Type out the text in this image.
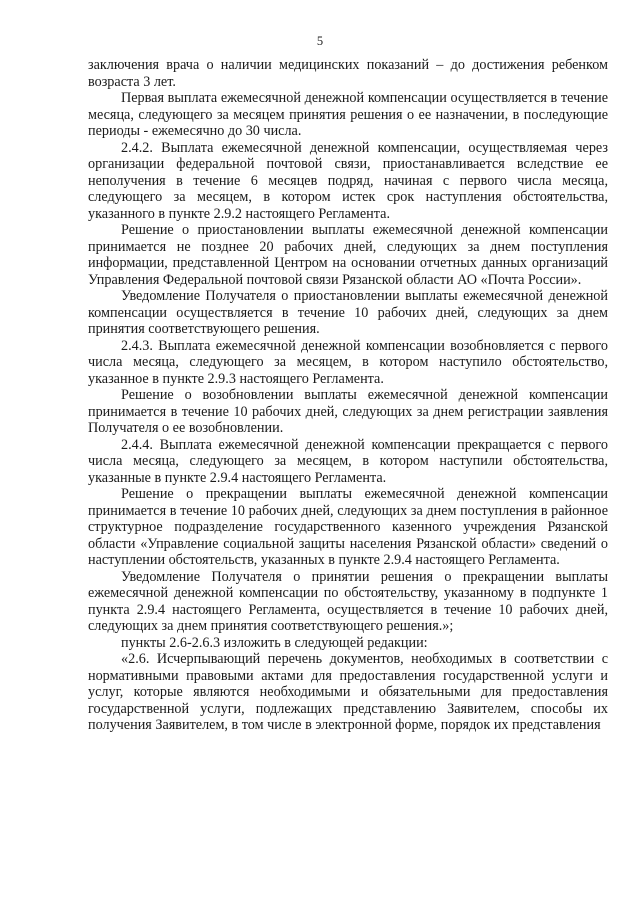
5

заключения врача о наличии медицинских показаний – до достижения ребенком возраста 3 лет.

Первая выплата ежемесячной денежной компенсации осуществляется в течение месяца, следующего за месяцем принятия решения о ее назначении, в последующие периоды - ежемесячно до 30 числа.

2.4.2. Выплата ежемесячной денежной компенсации, осуществляемая через организации федеральной почтовой связи, приостанавливается вследствие ее неполучения в течение 6 месяцев подряд, начиная с первого числа месяца, следующего за месяцем, в котором истек срок наступления обстоятельства, указанного в пункте 2.9.2 настоящего Регламента.

Решение о приостановлении выплаты ежемесячной денежной компенсации принимается не позднее 20 рабочих дней, следующих за днем поступления информации, представленной Центром на основании отчетных данных организаций Управления Федеральной почтовой связи Рязанской области АО «Почта России».

Уведомление Получателя о приостановлении выплаты ежемесячной денежной компенсации осуществляется в течение 10 рабочих дней, следующих за днем принятия соответствующего решения.

2.4.3. Выплата ежемесячной денежной компенсации возобновляется с первого числа месяца, следующего за месяцем, в котором наступило обстоятельство, указанное в пункте 2.9.3 настоящего Регламента.

Решение о возобновлении выплаты ежемесячной денежной компенсации принимается в течение 10 рабочих дней, следующих за днем регистрации заявления Получателя о ее возобновлении.

2.4.4. Выплата ежемесячной денежной компенсации прекращается с первого числа месяца, следующего за месяцем, в котором наступили обстоятельства, указанные в пункте 2.9.4 настоящего Регламента.

Решение о прекращении выплаты ежемесячной денежной компенсации принимается в течение 10 рабочих дней, следующих за днем поступления в районное структурное подразделение государственного казенного учреждения Рязанской области «Управление социальной защиты населения Рязанской области» сведений о наступлении обстоятельств, указанных в пункте 2.9.4 настоящего Регламента.

Уведомление Получателя о принятии решения о прекращении выплаты ежемесячной денежной компенсации по обстоятельству, указанному в подпункте 1 пункта 2.9.4 настоящего Регламента, осуществляется в течение 10 рабочих дней, следующих за днем принятия соответствующего решения.»;

пункты 2.6-2.6.3 изложить в следующей редакции:

«2.6. Исчерпывающий перечень документов, необходимых в соответствии с нормативными правовыми актами для предоставления государственной услуги и услуг, которые являются необходимыми и обязательными для предоставления государственной услуги, подлежащих представлению Заявителем, способы их получения Заявителем, в том числе в электронной форме, порядок их представления
